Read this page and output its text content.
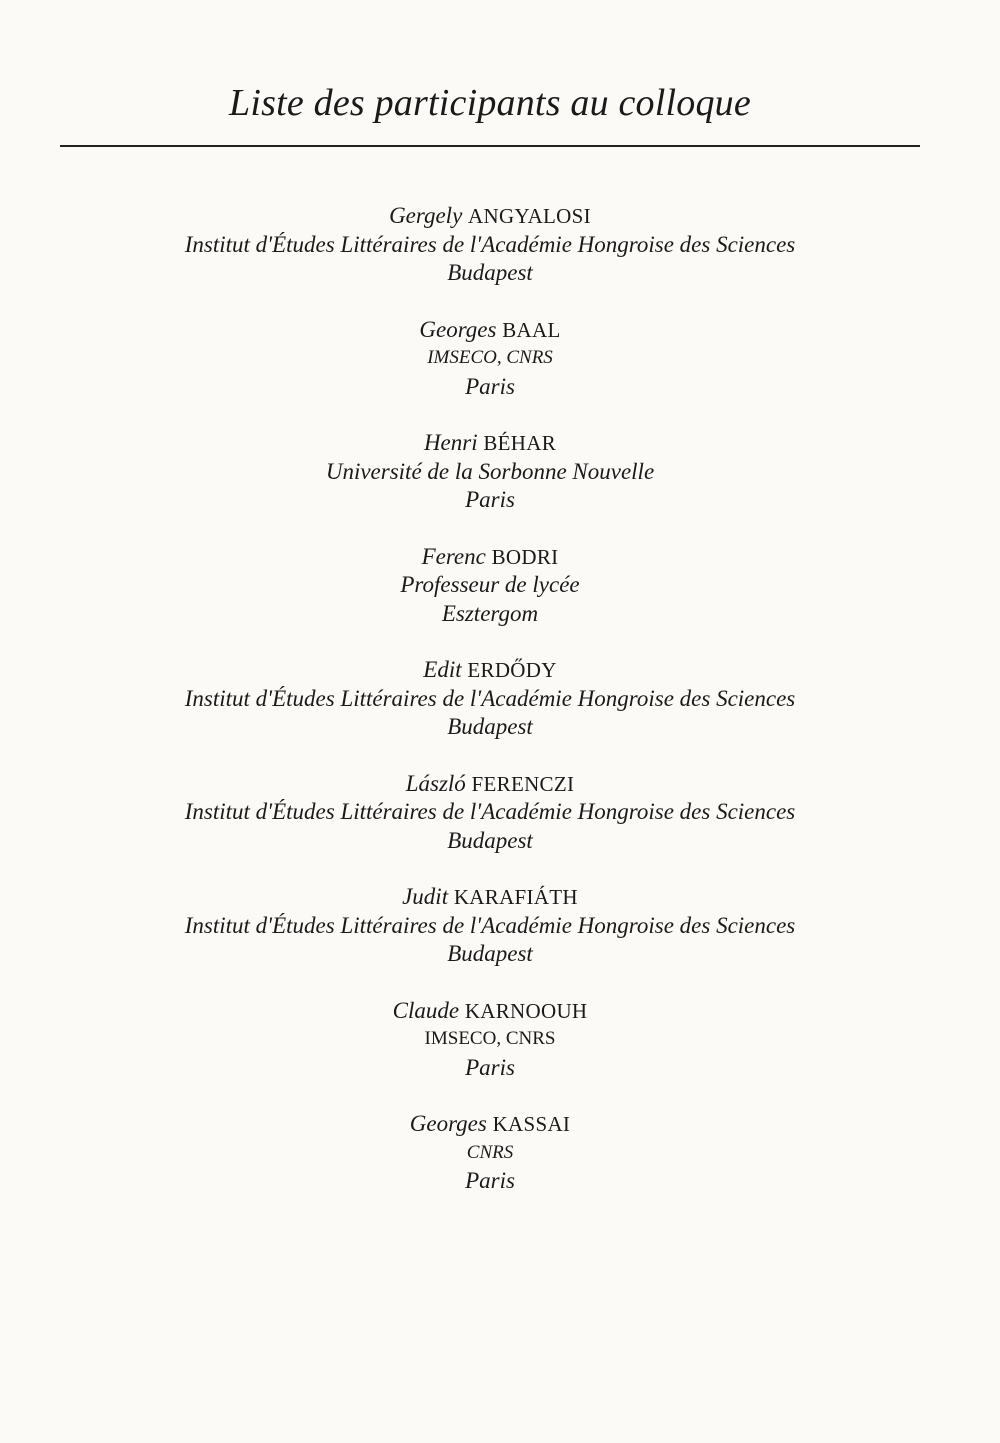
Liste des participants au colloque
Gergely ANGYALOSI
Institut d'Études Littéraires de l'Académie Hongroise des Sciences
Budapest
Georges BAAL
IMSECO, CNRS
Paris
Henri BÉHAR
Université de la Sorbonne Nouvelle
Paris
Ferenc BODRI
Professeur de lycée
Esztergom
Edit ERDŐDY
Institut d'Études Littéraires de l'Académie Hongroise des Sciences
Budapest
László FERENCZI
Institut d'Études Littéraires de l'Académie Hongroise des Sciences
Budapest
Judit KARAFIÁTH
Institut d'Études Littéraires de l'Académie Hongroise des Sciences
Budapest
Claude KARNOOUH
IMSECO, CNRS
Paris
Georges KASSAI
CNRS
Paris
